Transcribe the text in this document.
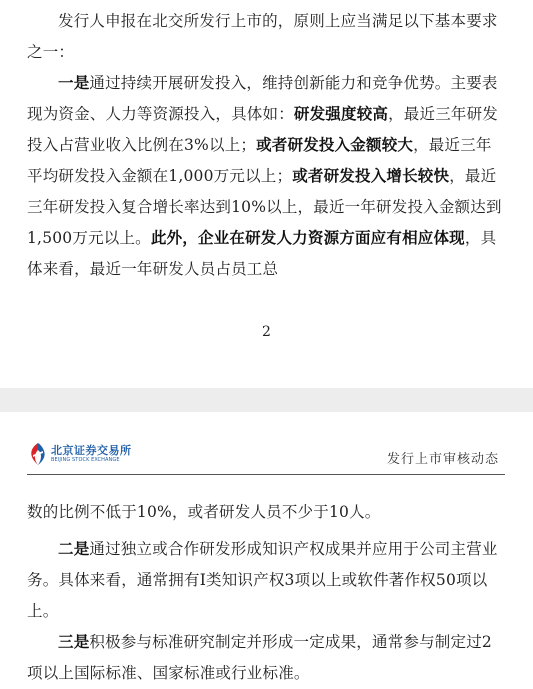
发行人申报在北交所发行上市的，原则上应当满足以下基本要求之一：

一是通过持续开展研发投入，维持创新能力和竞争优势。主要表现为资金、人力等资源投入，具体如：研发强度较高，最近三年研发投入占营业收入比例在3%以上；或者研发投入金额较大，最近三年平均研发投入金额在1,000万元以上；或者研发投入增长较快，最近三年研发投入复合增长率达到10%以上，最近一年研发投入金额达到1,500万元以上。此外，企业在研发人力资源方面应有相应体现，具体来看，最近一年研发人员占员工总

2
北京证券交易所
BEIJING STOCK EXCHANGE	发行上市审核动态

数的比例不低于10%，或者研发人员不少于10人。

二是通过独立或合作研发形成知识产权成果并应用于公司主营业务。具体来看，通常拥有Ⅰ类知识产权3项以上或软件著作权50项以上。

三是积极参与标准研究制定并形成一定成果，通常参与制定过2项以上国际标准、国家标准或行业标准。
